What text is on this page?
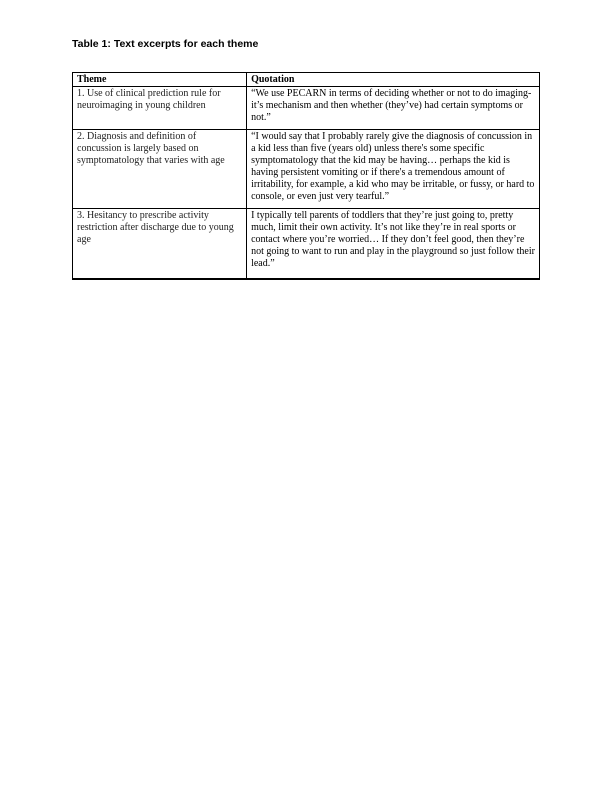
Table 1: Text excerpts for each theme
Theme	Quotation
1. Use of clinical prediction rule for neuroimaging in young children	“We use PECARN in terms of deciding whether or not to do imaging- it’s mechanism and then whether (they’ve) had certain symptoms or not.”
2. Diagnosis and definition of concussion is largely based on symptomatology that varies with age	“I would say that I probably rarely give the diagnosis of concussion in a kid less than five (years old) unless there's some specific symptomatology that the kid may be having… perhaps the kid is having persistent vomiting or if there's a tremendous amount of irritability, for example, a kid who may be irritable, or fussy, or hard to console, or even just very tearful.”
3. Hesitancy to prescribe activity restriction after discharge due to young age	I typically tell parents of toddlers that they’re just going to, pretty much, limit their own activity. It’s not like they’re in real sports or contact where you’re worried… If they don’t feel good, then they’re not going to want to run and play in the playground so just follow their lead.”
